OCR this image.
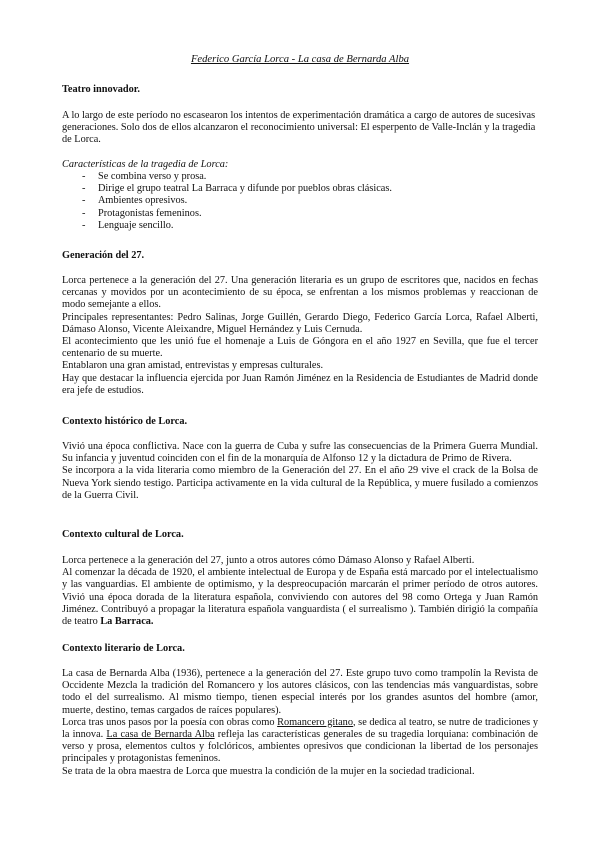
Federico García Lorca - La casa de Bernarda Alba
Teatro innovador.
A lo largo de este período no escasearon los intentos de experimentación dramática a cargo de autores de sucesivas generaciones. Solo dos de ellos alcanzaron el reconocimiento universal: El esperpento de Valle-Inclán y la tragedia de Lorca.
Características de la tragedia de Lorca:
- Se combina verso y prosa.
- Dirige el grupo teatral La Barraca y difunde por pueblos obras clásicas.
- Ambientes opresivos.
- Protagonistas femeninos.
- Lenguaje sencillo.
Generación del 27.
Lorca pertenece a la generación del 27. Una generación literaria es un grupo de escritores que, nacidos en fechas cercanas y movidos por un acontecimiento de su época, se enfrentan a los mismos problemas y reaccionan de modo semejante a ellos.
Principales representantes: Pedro Salinas, Jorge Guillén, Gerardo Diego, Federico García Lorca, Rafael Alberti, Dámaso Alonso, Vicente Aleixandre, Miguel Hernández y Luis Cernuda.
El acontecimiento que les unió fue el homenaje a Luis de Góngora en el año 1927 en Sevilla, que fue el tercer centenario de su muerte.
Entablaron una gran amistad, entrevistas y empresas culturales.
Hay que destacar la influencia ejercida por Juan Ramón Jiménez en la Residencia de Estudiantes de Madrid donde era jefe de estudios.
Contexto histórico de Lorca.
Vivió una época conflictiva. Nace con la guerra de Cuba y sufre las consecuencias de la Primera Guerra Mundial. Su infancia y juventud coinciden con el fin de la monarquía de Alfonso 12 y la dictadura de Primo de Rivera.
Se incorpora a la vida literaria como miembro de la Generación del 27. En el año 29 vive el crack de la Bolsa de Nueva York siendo testigo. Participa activamente en la vida cultural de la República, y muere fusilado a comienzos de la Guerra Civil.
Contexto cultural de Lorca.
Lorca pertenece a la generación del 27, junto a otros autores cómo Dámaso Alonso y Rafael Alberti.
Al comenzar la década de 1920, el ambiente intelectual de Europa y de España está marcado por el intelectualismo y las vanguardias. El ambiente de optimismo, y la despreocupación marcarán el primer período de otros autores. Vivió una época dorada de la literatura española, conviviendo con autores del 98 como Ortega y Juan Ramón Jiménez. Contribuyó a propagar la literatura española vanguardista ( el surrealismo ). También dirigió la compañía de teatro La Barraca.
Contexto literario de Lorca.
La casa de Bernarda Alba (1936), pertenece a la generación del 27. Este grupo tuvo como trampolín la Revista de Occidente Mezcla la tradición del Romancero y los autores clásicos, con las tendencias más vanguardistas, sobre todo el del surrealismo. Al mismo tiempo, tienen especial interés por los grandes asuntos del hombre (amor, muerte, destino, temas cargados de raíces populares).
Lorca tras unos pasos por la poesía con obras como Romancero gitano, se dedica al teatro, se nutre de tradiciones y la innova. La casa de Bernarda Alba refleja las características generales de su tragedia lorquiana: combinación de verso y prosa, elementos cultos y folclóricos, ambientes opresivos que condicionan la libertad de los personajes principales y protagonistas femeninos.
Se trata de la obra maestra de Lorca que muestra la condición de la mujer en la sociedad tradicional.
